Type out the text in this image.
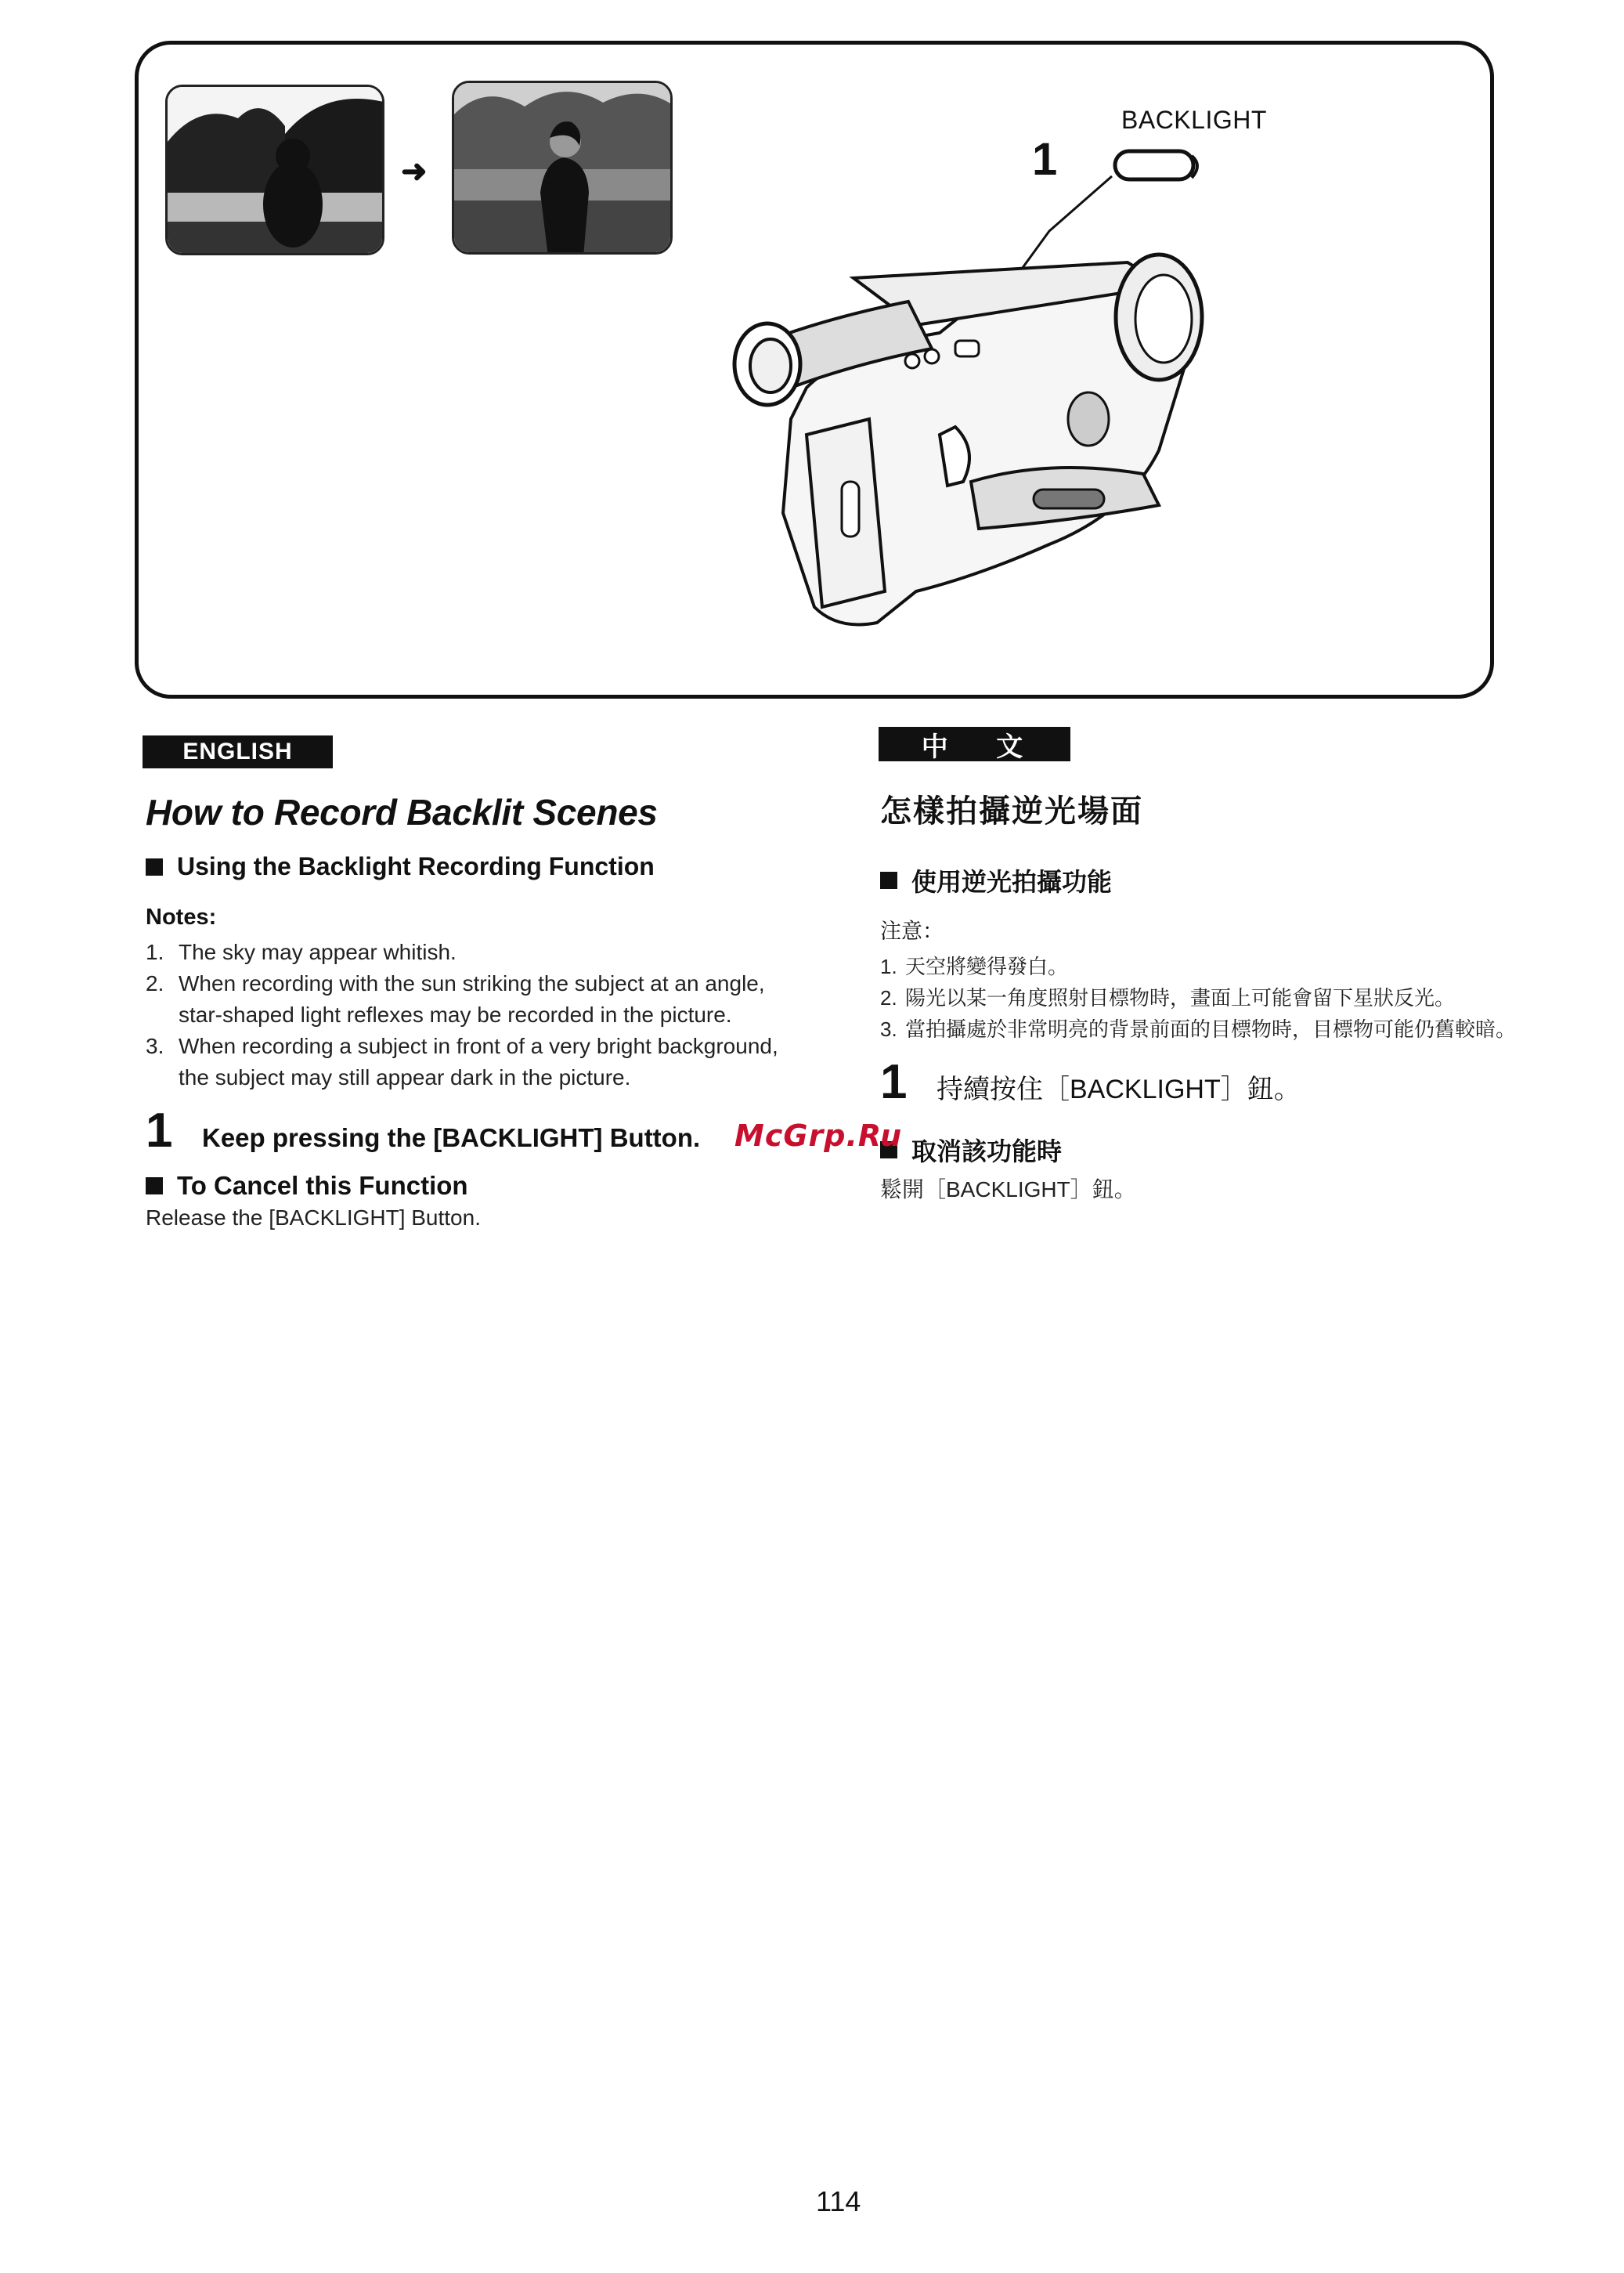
➜	1
BACKLIGHT
ENGLISH	中 文
How to Record Backlit Scenes
Using the Backlight Recording Function
Notes:
1. The sky may appear whitish.
2. When recording with the sun striking the subject at an angle, star-shaped light reflexes may be recorded in the picture.
3. When recording a subject in front of a very bright background, the subject may still appear dark in the picture.
1	Keep pressing the [BACKLIGHT] Button.
To Cancel this Function
Release the [BACKLIGHT] Button.
怎樣拍攝逆光場面
使用逆光拍攝功能
注意：
1. 天空將變得發白。
2. 陽光以某一角度照射目標物時，畫面上可能會留下星狀反光。
3. 當拍攝處於非常明亮的背景前面的目標物時，目標物可能仍舊較暗。
1	持續按住［BACKLIGHT］鈕。
取消該功能時
鬆開［BACKLIGHT］鈕。
McGrp.Ru
114
